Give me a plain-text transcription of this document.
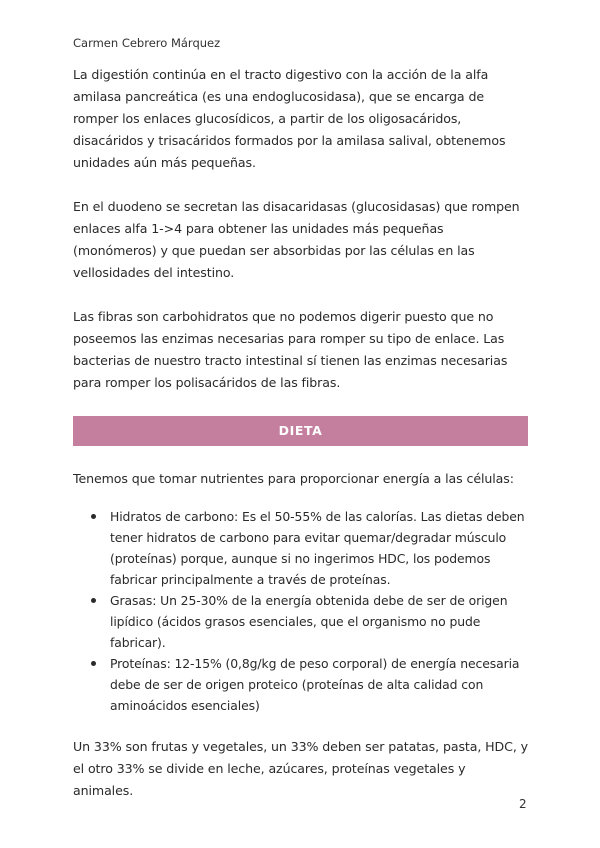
Carmen Cebrero Márquez

La digestión continúa en el tracto digestivo con la acción de la alfa amilasa pancreática (es una endoglucosidasa), que se encarga de romper los enlaces glucosídicos, a partir de los oligosacáridos, disacáridos y trisacáridos formados por la amilasa salival, obtenemos unidades aún más pequeñas.

En el duodeno se secretan las disacaridasas (glucosidasas) que rompen enlaces alfa 1->4 para obtener las unidades más pequeñas (monómeros) y que puedan ser absorbidas por las células en las vellosidades del intestino.

Las fibras son carbohidratos que no podemos digerir puesto que no poseemos las enzimas necesarias para romper su tipo de enlace. Las bacterias de nuestro tracto intestinal sí tienen las enzimas necesarias para romper los polisacáridos de las fibras.

DIETA

Tenemos que tomar nutrientes para proporcionar energía a las células:

Hidratos de carbono: Es el 50-55% de las calorías. Las dietas deben tener hidratos de carbono para evitar quemar/degradar músculo (proteínas) porque, aunque si no ingerimos HDC, los podemos fabricar principalmente a través de proteínas.
Grasas: Un 25-30% de la energía obtenida debe de ser de origen lipídico (ácidos grasos esenciales, que el organismo no pude fabricar).
Proteínas: 12-15% (0,8g/kg de peso corporal) de energía necesaria debe de ser de origen proteico (proteínas de alta calidad con aminoácidos esenciales)

Un 33% son frutas y vegetales, un 33% deben ser patatas, pasta, HDC, y el otro 33% se divide en leche, azúcares, proteínas vegetales y animales.

2
